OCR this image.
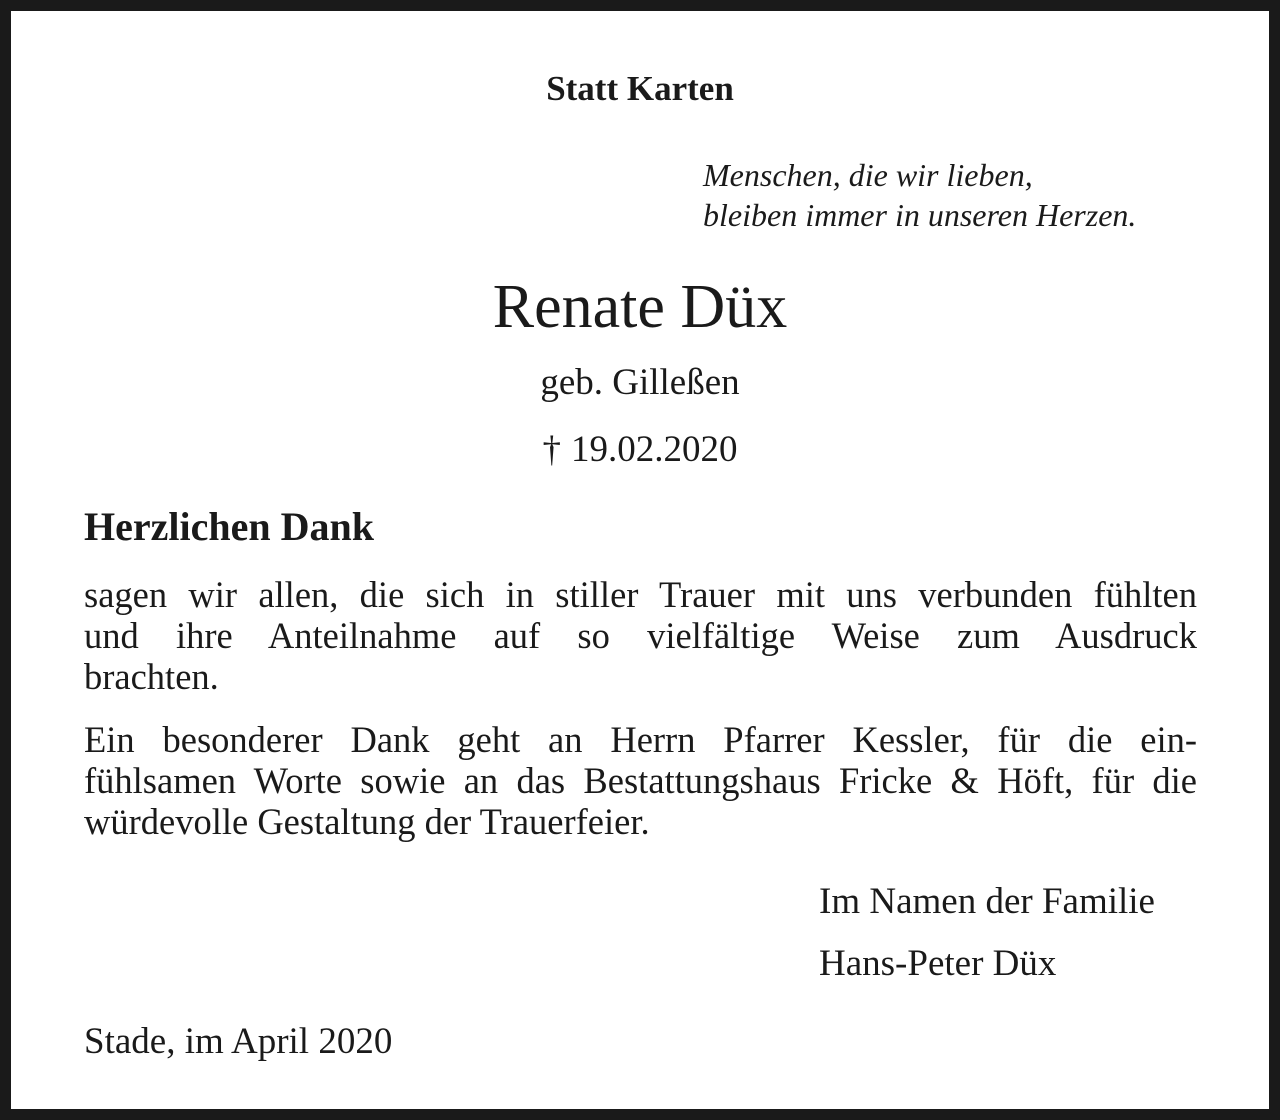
Statt Karten

Menschen, die wir lieben,
bleiben immer in unseren Herzen.

Renate Düx

geb. Gilleßen

† 19.02.2020

Herzlichen Dank

sagen wir allen, die sich in stiller Trauer mit uns verbunden fühlten
und ihre Anteilnahme auf so vielfältige Weise zum Ausdruck
brachten.
Ein besonderer Dank geht an Herrn Pfarrer Kessler, für die ein-
fühlsamen Worte sowie an das Bestattungshaus Fricke & Höft, für die
würdevolle Gestaltung der Trauerfeier.

Im Namen der Familie

Hans-Peter Düx

Stade, im April 2020
